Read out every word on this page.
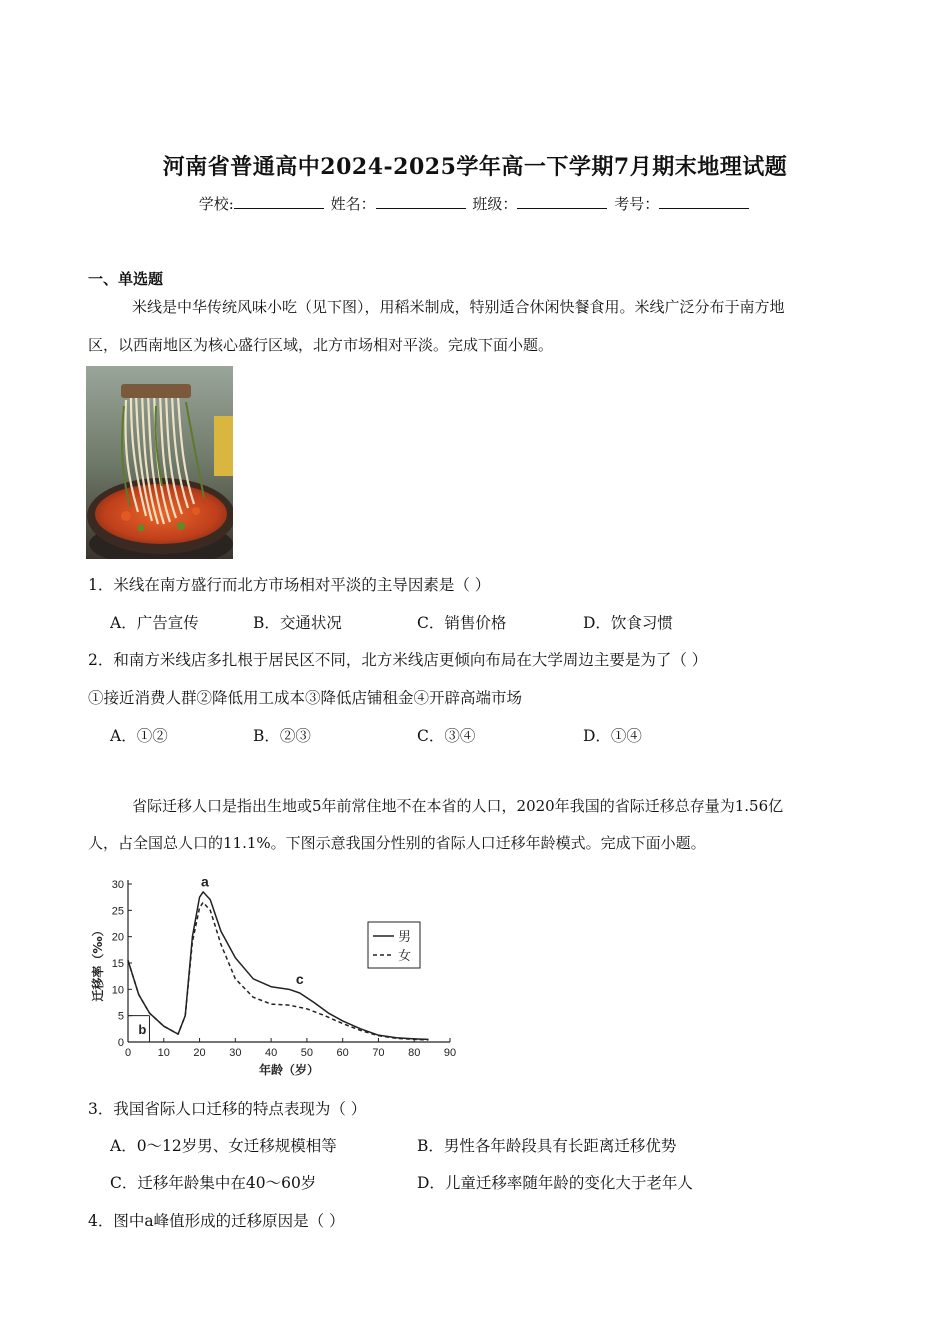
河南省普通高中2024-2025学年高一下学期7月期末地理试题
学校:	姓名：	班级：	考号：
一、单选题
米线是中华传统风味小吃（见下图），用稻米制成，特别适合休闲快餐食用。米线广泛分布于南方地
区，以西南地区为核心盛行区域，北方市场相对平淡。完成下面小题。
1．米线在南方盛行而北方市场相对平淡的主导因素是（ ）
A．广告宣传	B．交通状况	C．销售价格	D．饮食习惯
2．和南方米线店多扎根于居民区不同，北方米线店更倾向布局在大学周边主要是为了（ ）
①接近消费人群②降低用工成本③降低店铺租金④开辟高端市场
A．①②	B．②③	C．③④	D．①④
省际迁移人口是指出生地或5年前常住地不在本省的人口，2020年我国的省际迁移总存量为1.56亿
人，占全国总人口的11.1%。下图示意我国分性别的省际人口迁移年龄模式。完成下面小题。
0 10 20 30 40 50 60 70 80 90
0
5
10
15
20
25
30
年龄（岁）
迁移率（‰）
b
a
c
男
女
3．我国省际人口迁移的特点表现为（ ）
A．0～12岁男、女迁移规模相等	B．男性各年龄段具有长距离迁移优势
C．迁移年龄集中在40～60岁	D．儿童迁移率随年龄的变化大于老年人
4．图中a峰值形成的迁移原因是（ ）
